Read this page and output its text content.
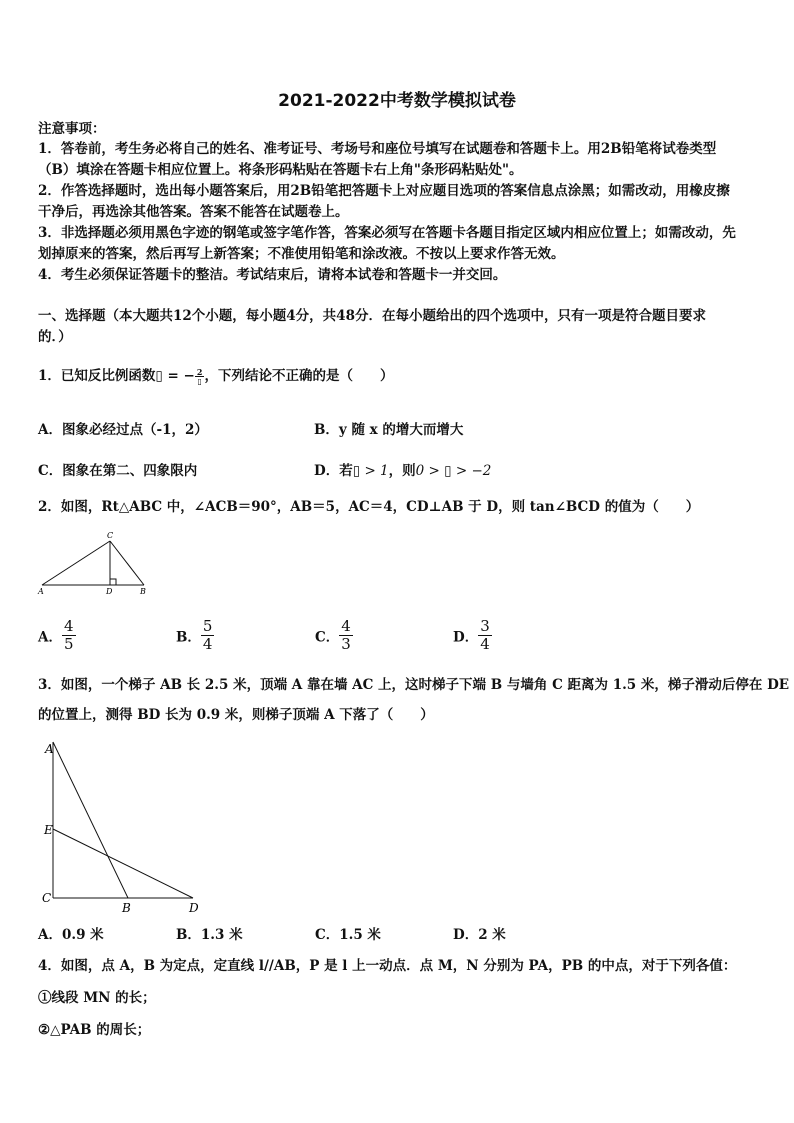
2021-2022中考数学模拟试卷
注意事项：
1．答卷前，考生务必将自己的姓名、准考证号、考场号和座位号填写在试题卷和答题卡上。用2B铅笔将试卷类型
（B）填涂在答题卡相应位置上。将条形码粘贴在答题卡右上角"条形码粘贴处"。
2．作答选择题时，选出每小题答案后，用2B铅笔把答题卡上对应题目选项的答案信息点涂黑；如需改动，用橡皮擦
干净后，再选涂其他答案。答案不能答在试题卷上。
3．非选择题必须用黑色字迹的钢笔或签字笔作答，答案必须写在答题卡各题目指定区域内相应位置上；如需改动，先
划掉原来的答案，然后再写上新答案；不准使用铅笔和涂改液。不按以上要求作答无效。
4．考生必须保证答题卡的整洁。考试结束后，请将本试卷和答题卡一并交回。
一、选择题（本大题共12个小题，每小题4分，共48分．在每小题给出的四个选项中，只有一项是符合题目要求
的．）
1．已知反比例函数▯ = − $\frac{2}{▯}$ ，下列结论不正确的是（　　）
A．图象必经过点（-1，2）	B．y 随 x 的增大而增大
C．图象在第二、四象限内	D．若▯ > 1，则0 > ▯ > −2
2．如图，Rt△ABC 中，∠ACB＝90°，AB＝5，AC＝4，CD⊥AB 于 D，则 tan∠BCD 的值为（　　）
A	D	B
C
A． $\frac{4}{5}$	B． $\frac{5}{4}$	C． $\frac{4}{3}$	D． $\frac{3}{4}$
3．如图，一个梯子 AB 长 2.5 米，顶端 A 靠在墙 AC 上，这时梯子下端 B 与墙角 C 距离为 1.5 米，梯子滑动后停在 DE
的位置上，测得 BD 长为 0.9 米，则梯子顶端 A 下落了（　　）
A
E
C
B	D
A．0.9 米	B．1.3 米	C．1.5 米	D．2 米
4．如图，点 A，B 为定点，定直线 l//AB，P 是 l 上一动点．点 M，N 分别为 PA，PB 的中点，对于下列各值：
①线段 MN 的长；
②△PAB 的周长；
